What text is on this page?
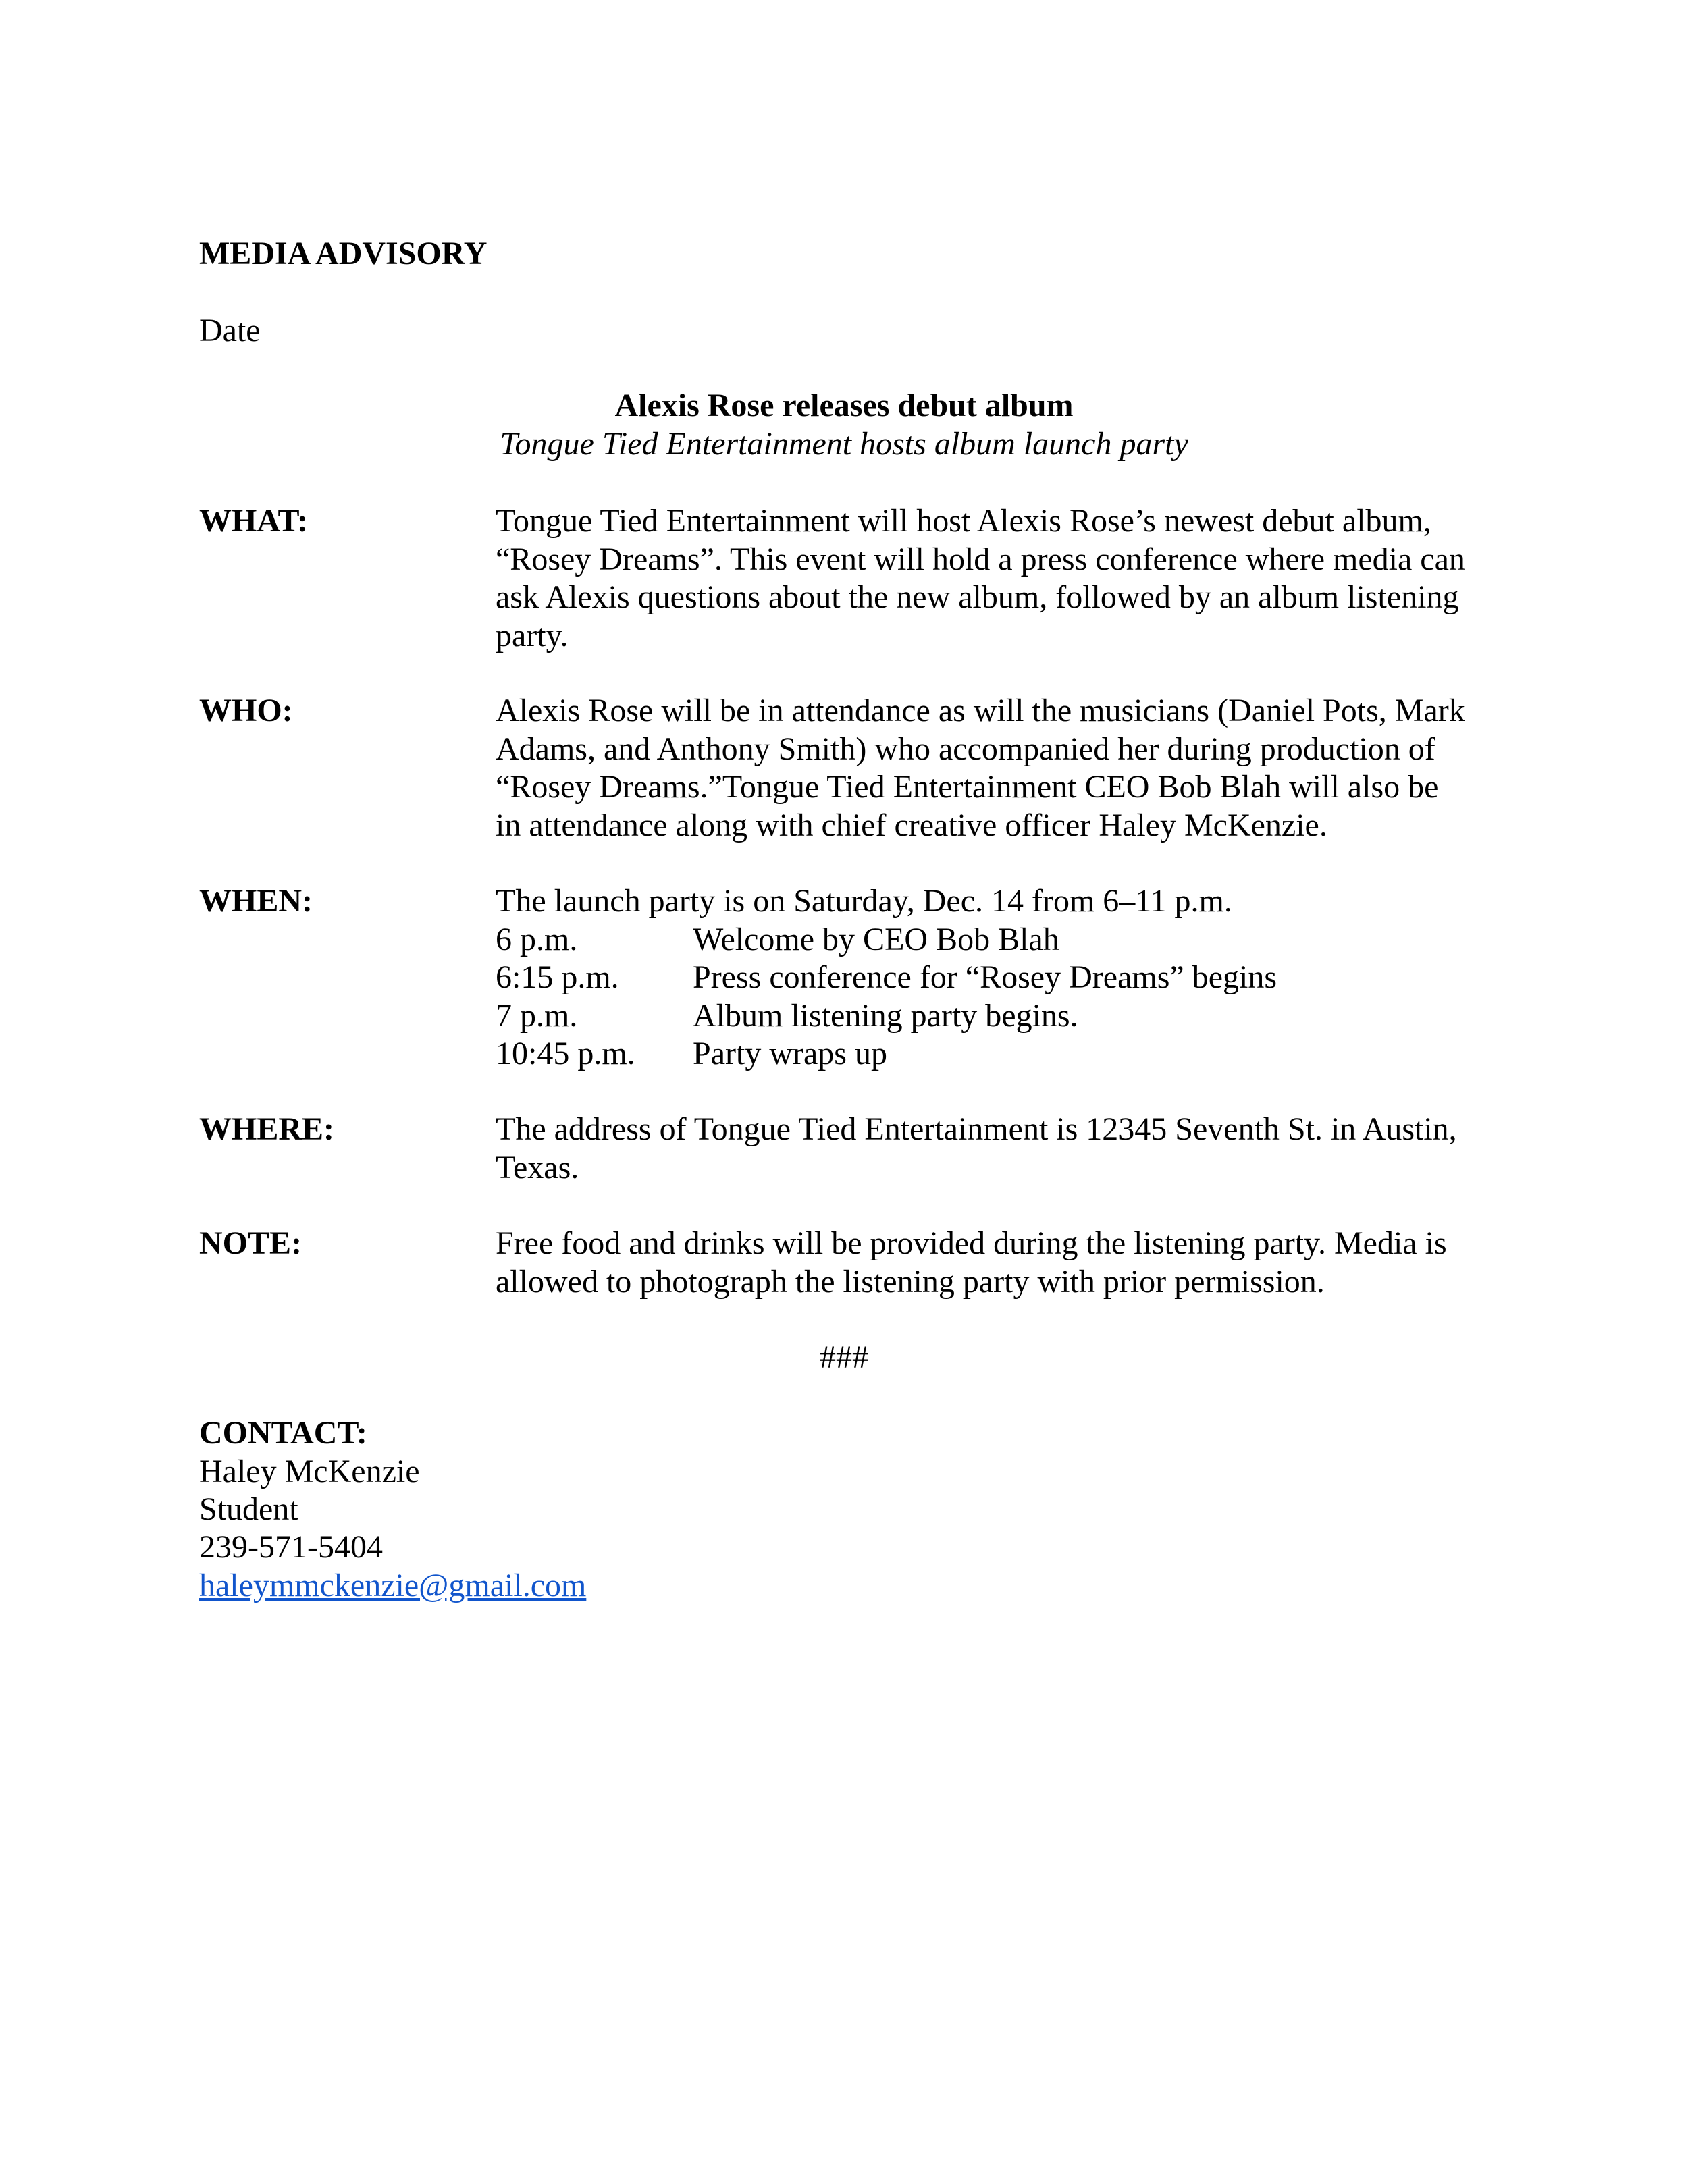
MEDIA ADVISORY
Date
Alexis Rose releases debut album
Tongue Tied Entertainment hosts album launch party
WHAT:	Tongue Tied Entertainment will host Alexis Rose’s newest debut album,
“Rosey Dreams”. This event will hold a press conference where media can
ask Alexis questions about the new album, followed by an album listening
party.
WHO:	Alexis Rose will be in attendance as will the musicians (Daniel Pots, Mark
Adams, and Anthony Smith) who accompanied her during production of
“Rosey Dreams.”Tongue Tied Entertainment CEO Bob Blah will also be
in attendance along with chief creative officer Haley McKenzie.
WHEN:	The launch party is on Saturday, Dec. 14 from 6–11 p.m.
6 p.m.	Welcome by CEO Bob Blah
6:15 p.m. Press conference for “Rosey Dreams” begins
7 p.m.	Album listening party begins.
10:45 p.m. Party wraps up
WHERE:	The address of Tongue Tied Entertainment is 12345 Seventh St. in Austin,
Texas.
NOTE:	Free food and drinks will be provided during the listening party. Media is
allowed to photograph the listening party with prior permission.
###
CONTACT:
Haley McKenzie
Student
239-571-5404
haleymmckenzie@gmail.com
